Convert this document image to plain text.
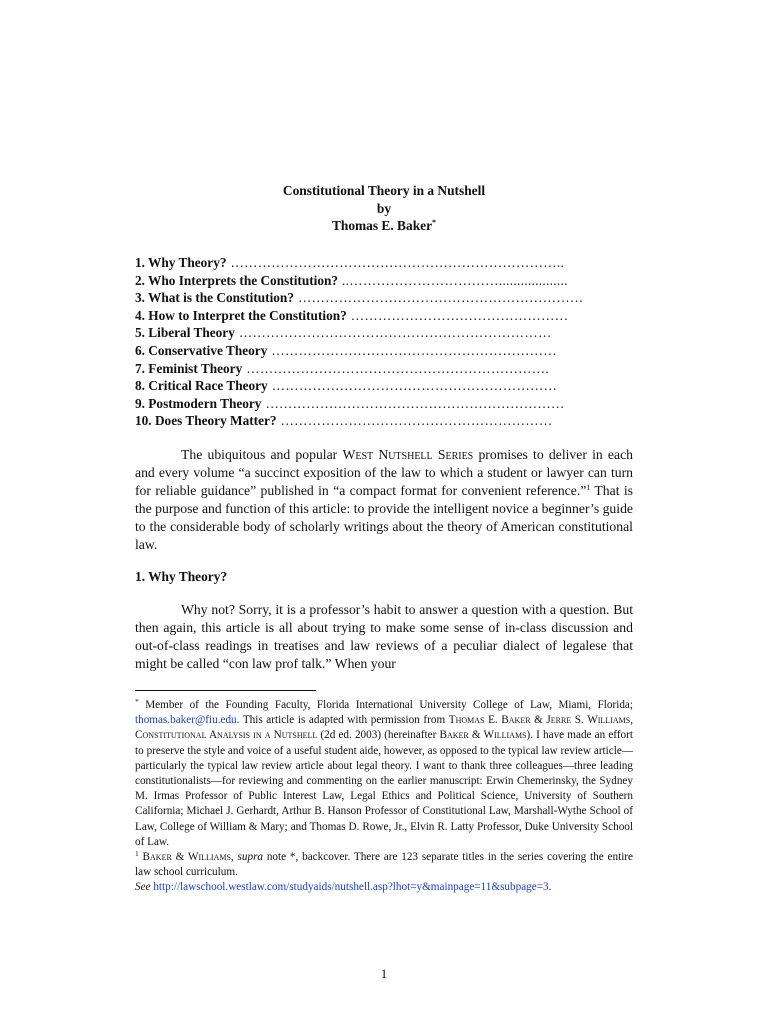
Constitutional Theory in a Nutshell
by
Thomas E. Baker*
1. Why Theory? ………………………………………………………………..
2. Who Interprets the Constitution? ..……………………………...................
3. What is the Constitution? ………………………………………………………
4. How to Interpret the Constitution? …………………………………………
5. Liberal Theory ……………………………………………………………
6. Conservative Theory ………………………………………………………
7. Feminist Theory ………………………………………………………….
8. Critical Race Theory ………………………………………………………
9. Postmodern Theory …………………………………………………………
10. Does Theory Matter? ……………………………………………………
The ubiquitous and popular West Nutshell Series promises to deliver in each and every volume “a succinct exposition of the law to which a student or lawyer can turn for reliable guidance” published in “a compact format for convenient reference.”$^1$ That is the purpose and function of this article: to provide the intelligent novice a beginner’s guide to the considerable body of scholarly writings about the theory of American constitutional law.
1. Why Theory?
Why not? Sorry, it is a professor’s habit to answer a question with a question. But then again, this article is all about trying to make some sense of in-class discussion and out-of-class readings in treatises and law reviews of a peculiar dialect of legalese that might be called “con law prof talk.” When your

* Member of the Founding Faculty, Florida International University College of Law, Miami, Florida; thomas.baker@fiu.edu. This article is adapted with permission from Thomas E. Baker & Jerre S. Williams, Constitutional Analysis in a Nutshell (2d ed. 2003) (hereinafter Baker & Williams). I have made an effort to preserve the style and voice of a useful student aide, however, as opposed to the typical law review article—particularly the typical law review article about legal theory. I want to thank three colleagues—three leading constitutionalists—for reviewing and commenting on the earlier manuscript: Erwin Chemerinsky, the Sydney M. Irmas Professor of Public Interest Law, Legal Ethics and Political Science, University of Southern California; Michael J. Gerhardt, Arthur B. Hanson Professor of Constitutional Law, Marshall-Wythe School of Law, College of William & Mary; and Thomas D. Rowe, Jr., Elvin R. Latty Professor, Duke University School of Law.

$^1$ Baker & Williams, supra note *, backcover. There are 123 separate titles in the series covering the entire law school curriculum.

See http://lawschool.westlaw.com/studyaids/nutshell.asp?lhot=y&mainpage=11&subpage=3.

1
